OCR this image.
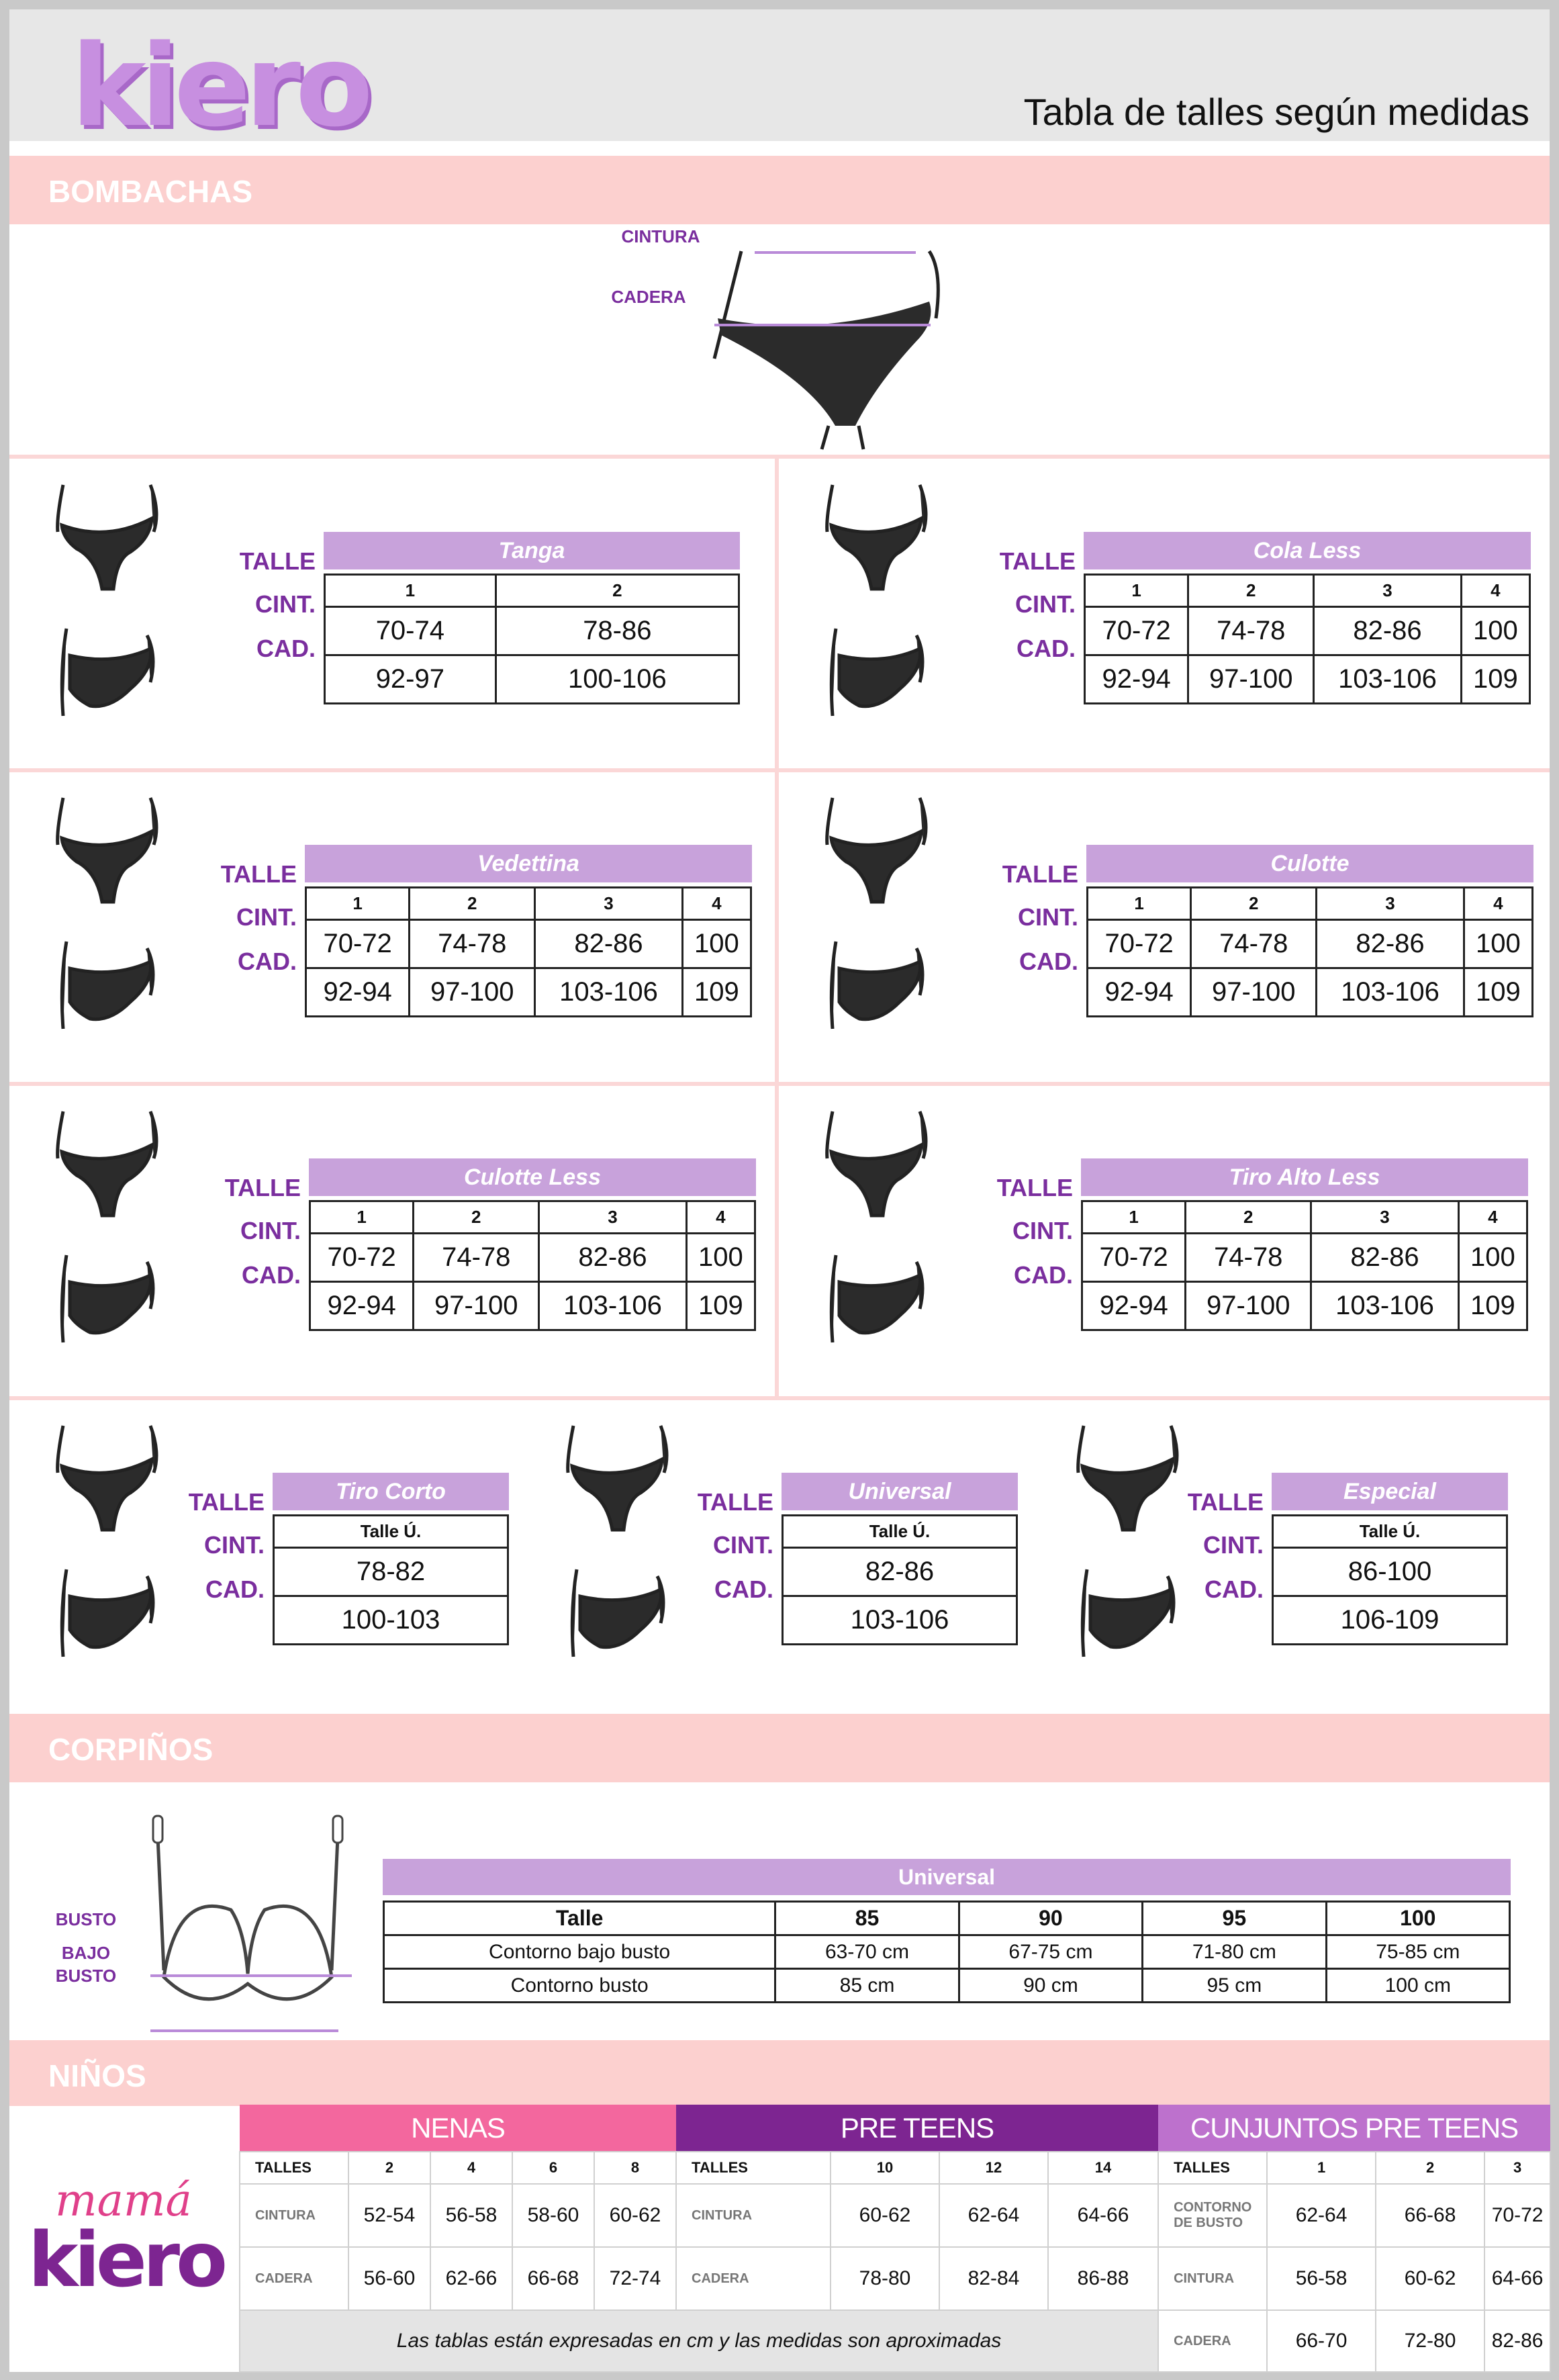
kiero	Tabla de talles según medidas
BOMBACHAS
CINTURA
CADERA
TALLE
CINT.
CAD.
Tanga
1	2
70-74	78-86
92-97	100-106
TALLE
CINT.
CAD.
Cola Less
1	2	3	4
70-72	74-78	82-86	100
92-94	97-100	103-106	109
TALLE
CINT.
CAD.
Vedettina
1	2	3	4
70-72	74-78	82-86	100
92-94	97-100	103-106	109
TALLE
CINT.
CAD.
Culotte
1	2	3	4
70-72	74-78	82-86	100
92-94	97-100	103-106	109
TALLE
CINT.
CAD.
Culotte Less
1	2	3	4
70-72	74-78	82-86	100
92-94	97-100	103-106	109
TALLE
CINT.
CAD.
Tiro Alto Less
1	2	3	4
70-72	74-78	82-86	100
92-94	97-100	103-106	109
TALLE
CINT.
CAD.
Tiro Corto
Talle Ú.
78-82
100-103
TALLE
CINT.
CAD.
Universal
Talle Ú.
82-86
103-106
TALLE
CINT.
CAD.
Especial
Talle Ú.
86-100
106-109
CORPIÑOS
BUSTO
BAJO BUSTO
Universal
Talle	85	90	95	100
Contorno bajo busto	63-70 cm	67-75 cm	71-80 cm	75-85 cm
Contorno busto	85 cm	90 cm	95 cm	100 cm
NIÑOS
mamá
kiero
NENAS					PRE TEENS				CUNJUNTOS PRE TEENS			
TALLES	2	4	6	8	TALLES	10	12	14	TALLES	1	2	3
CINTURA	52-54	56-58	58-60	60-62	CINTURA	60-62	62-64	64-66	CONTORNO DE BUSTO	62-64	66-68	70-72
CADERA	56-60	62-66	66-68	72-74	CADERA	78-80	82-84	86-88	CINTURA	56-58	60-62	64-66
Las tablas están expresadas en cm y las medidas son aproximadas									CADERA	66-70	72-80	82-86
